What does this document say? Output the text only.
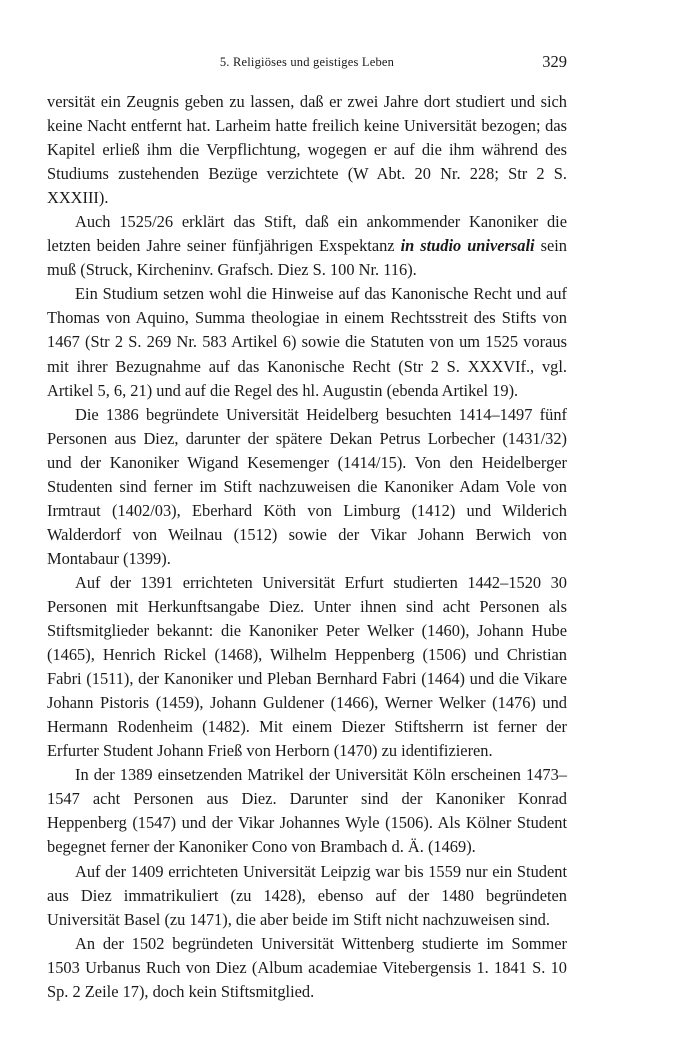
5. Religiöses und geistiges Leben	329

versität ein Zeugnis geben zu lassen, daß er zwei Jahre dort studiert und sich keine Nacht entfernt hat. Larheim hatte freilich keine Universität bezogen; das Kapitel erließ ihm die Verpflichtung, wogegen er auf die ihm während des Studiums zustehenden Bezüge verzichtete (W Abt. 20 Nr. 228; Str 2 S. XXXIII).

Auch 1525/26 erklärt das Stift, daß ein ankommender Kanoniker die letzten beiden Jahre seiner fünfjährigen Exspektanz in studio universali sein muß (Struck, Kircheninv. Grafsch. Diez S. 100 Nr. 116).

Ein Studium setzen wohl die Hinweise auf das Kanonische Recht und auf Thomas von Aquino, Summa theologiae in einem Rechtsstreit des Stifts von 1467 (Str 2 S. 269 Nr. 583 Artikel 6) sowie die Statuten von um 1525 voraus mit ihrer Bezugnahme auf das Kanonische Recht (Str 2 S. XXXVIf., vgl. Artikel 5, 6, 21) und auf die Regel des hl. Augustin (ebenda Artikel 19).

Die 1386 begründete Universität Heidelberg besuchten 1414–1497 fünf Personen aus Diez, darunter der spätere Dekan Petrus Lorbecher (1431/32) und der Kanoniker Wigand Kesemenger (1414/15). Von den Heidelberger Studenten sind ferner im Stift nachzuweisen die Kanoniker Adam Vole von Irmtraut (1402/03), Eberhard Köth von Limburg (1412) und Wilderich Walderdorf von Weilnau (1512) sowie der Vikar Johann Berwich von Montabaur (1399).

Auf der 1391 errichteten Universität Erfurt studierten 1442–1520 30 Personen mit Herkunftsangabe Diez. Unter ihnen sind acht Personen als Stiftsmitglieder bekannt: die Kanoniker Peter Welker (1460), Johann Hube (1465), Henrich Rickel (1468), Wilhelm Heppenberg (1506) und Christian Fabri (1511), der Kanoniker und Pleban Bernhard Fabri (1464) und die Vikare Johann Pistoris (1459), Johann Guldener (1466), Werner Welker (1476) und Hermann Rodenheim (1482). Mit einem Diezer Stiftsherrn ist ferner der Erfurter Student Johann Frieß von Herborn (1470) zu identifizieren.

In der 1389 einsetzenden Matrikel der Universität Köln erscheinen 1473–1547 acht Personen aus Diez. Darunter sind der Kanoniker Konrad Heppenberg (1547) und der Vikar Johannes Wyle (1506). Als Kölner Student begegnet ferner der Kanoniker Cono von Brambach d. Ä. (1469).

Auf der 1409 errichteten Universität Leipzig war bis 1559 nur ein Student aus Diez immatrikuliert (zu 1428), ebenso auf der 1480 begründeten Universität Basel (zu 1471), die aber beide im Stift nicht nachzuweisen sind.

An der 1502 begründeten Universität Wittenberg studierte im Sommer 1503 Urbanus Ruch von Diez (Album academiae Vitebergensis 1. 1841 S. 10 Sp. 2 Zeile 17), doch kein Stiftsmitglied.
